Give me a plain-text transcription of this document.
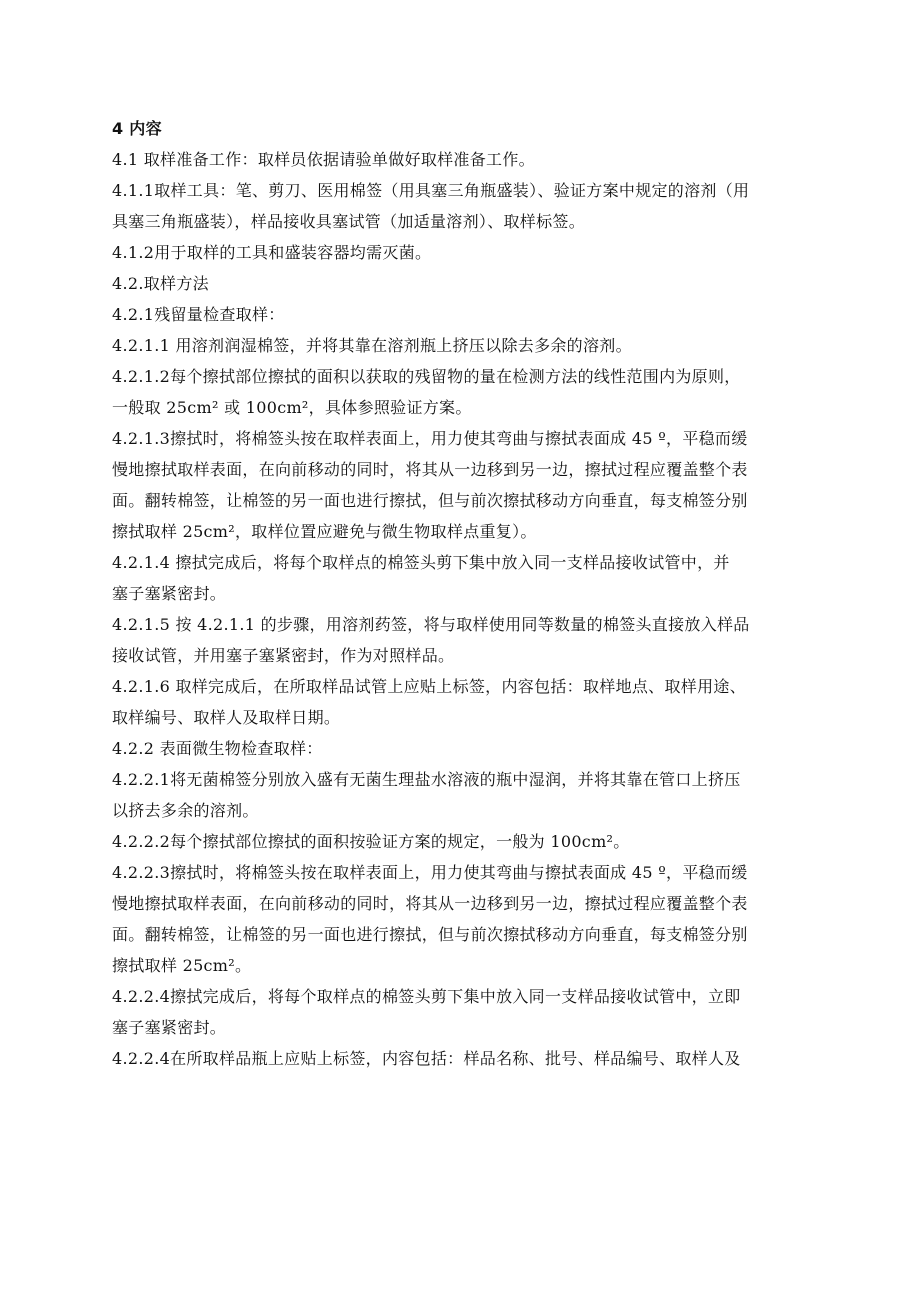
4 内容
4.1 取样准备工作：取样员依据请验单做好取样准备工作。
4.1.1取样工具：笔、剪刀、医用棉签（用具塞三角瓶盛装）、验证方案中规定的溶剂（用
具塞三角瓶盛装），样品接收具塞试管（加适量溶剂）、取样标签。
4.1.2用于取样的工具和盛装容器均需灭菌。
4.2.取样方法
4.2.1残留量检查取样：
4.2.1.1 用溶剂润湿棉签，并将其靠在溶剂瓶上挤压以除去多余的溶剂。
4.2.1.2每个擦拭部位擦拭的面积以获取的残留物的量在检测方法的线性范围内为原则，
一般取 25cm² 或 100cm²，具体参照验证方案。
4.2.1.3擦拭时，将棉签头按在取样表面上，用力使其弯曲与擦拭表面成 45 º，平稳而缓
慢地擦拭取样表面，在向前移动的同时，将其从一边移到另一边，擦拭过程应覆盖整个表
面。翻转棉签，让棉签的另一面也进行擦拭，但与前次擦拭移动方向垂直，每支棉签分别
擦拭取样 25cm²，取样位置应避免与微生物取样点重复）。
4.2.1.4 擦拭完成后，将每个取样点的棉签头剪下集中放入同一支样品接收试管中，并
塞子塞紧密封。
4.2.1.5 按 4.2.1.1 的步骤，用溶剂药签，将与取样使用同等数量的棉签头直接放入样品
接收试管，并用塞子塞紧密封，作为对照样品。
4.2.1.6 取样完成后，在所取样品试管上应贴上标签，内容包括：取样地点、取样用途、
取样编号、取样人及取样日期。
4.2.2 表面微生物检查取样：
4.2.2.1将无菌棉签分别放入盛有无菌生理盐水溶液的瓶中湿润，并将其靠在管口上挤压
以挤去多余的溶剂。
4.2.2.2每个擦拭部位擦拭的面积按验证方案的规定，一般为 100cm²。
4.2.2.3擦拭时，将棉签头按在取样表面上，用力使其弯曲与擦拭表面成 45 º，平稳而缓
慢地擦拭取样表面，在向前移动的同时，将其从一边移到另一边，擦拭过程应覆盖整个表
面。翻转棉签，让棉签的另一面也进行擦拭，但与前次擦拭移动方向垂直，每支棉签分别
擦拭取样 25cm²。
4.2.2.4擦拭完成后，将每个取样点的棉签头剪下集中放入同一支样品接收试管中，立即
塞子塞紧密封。
4.2.2.4在所取样品瓶上应贴上标签，内容包括：样品名称、批号、样品编号、取样人及
